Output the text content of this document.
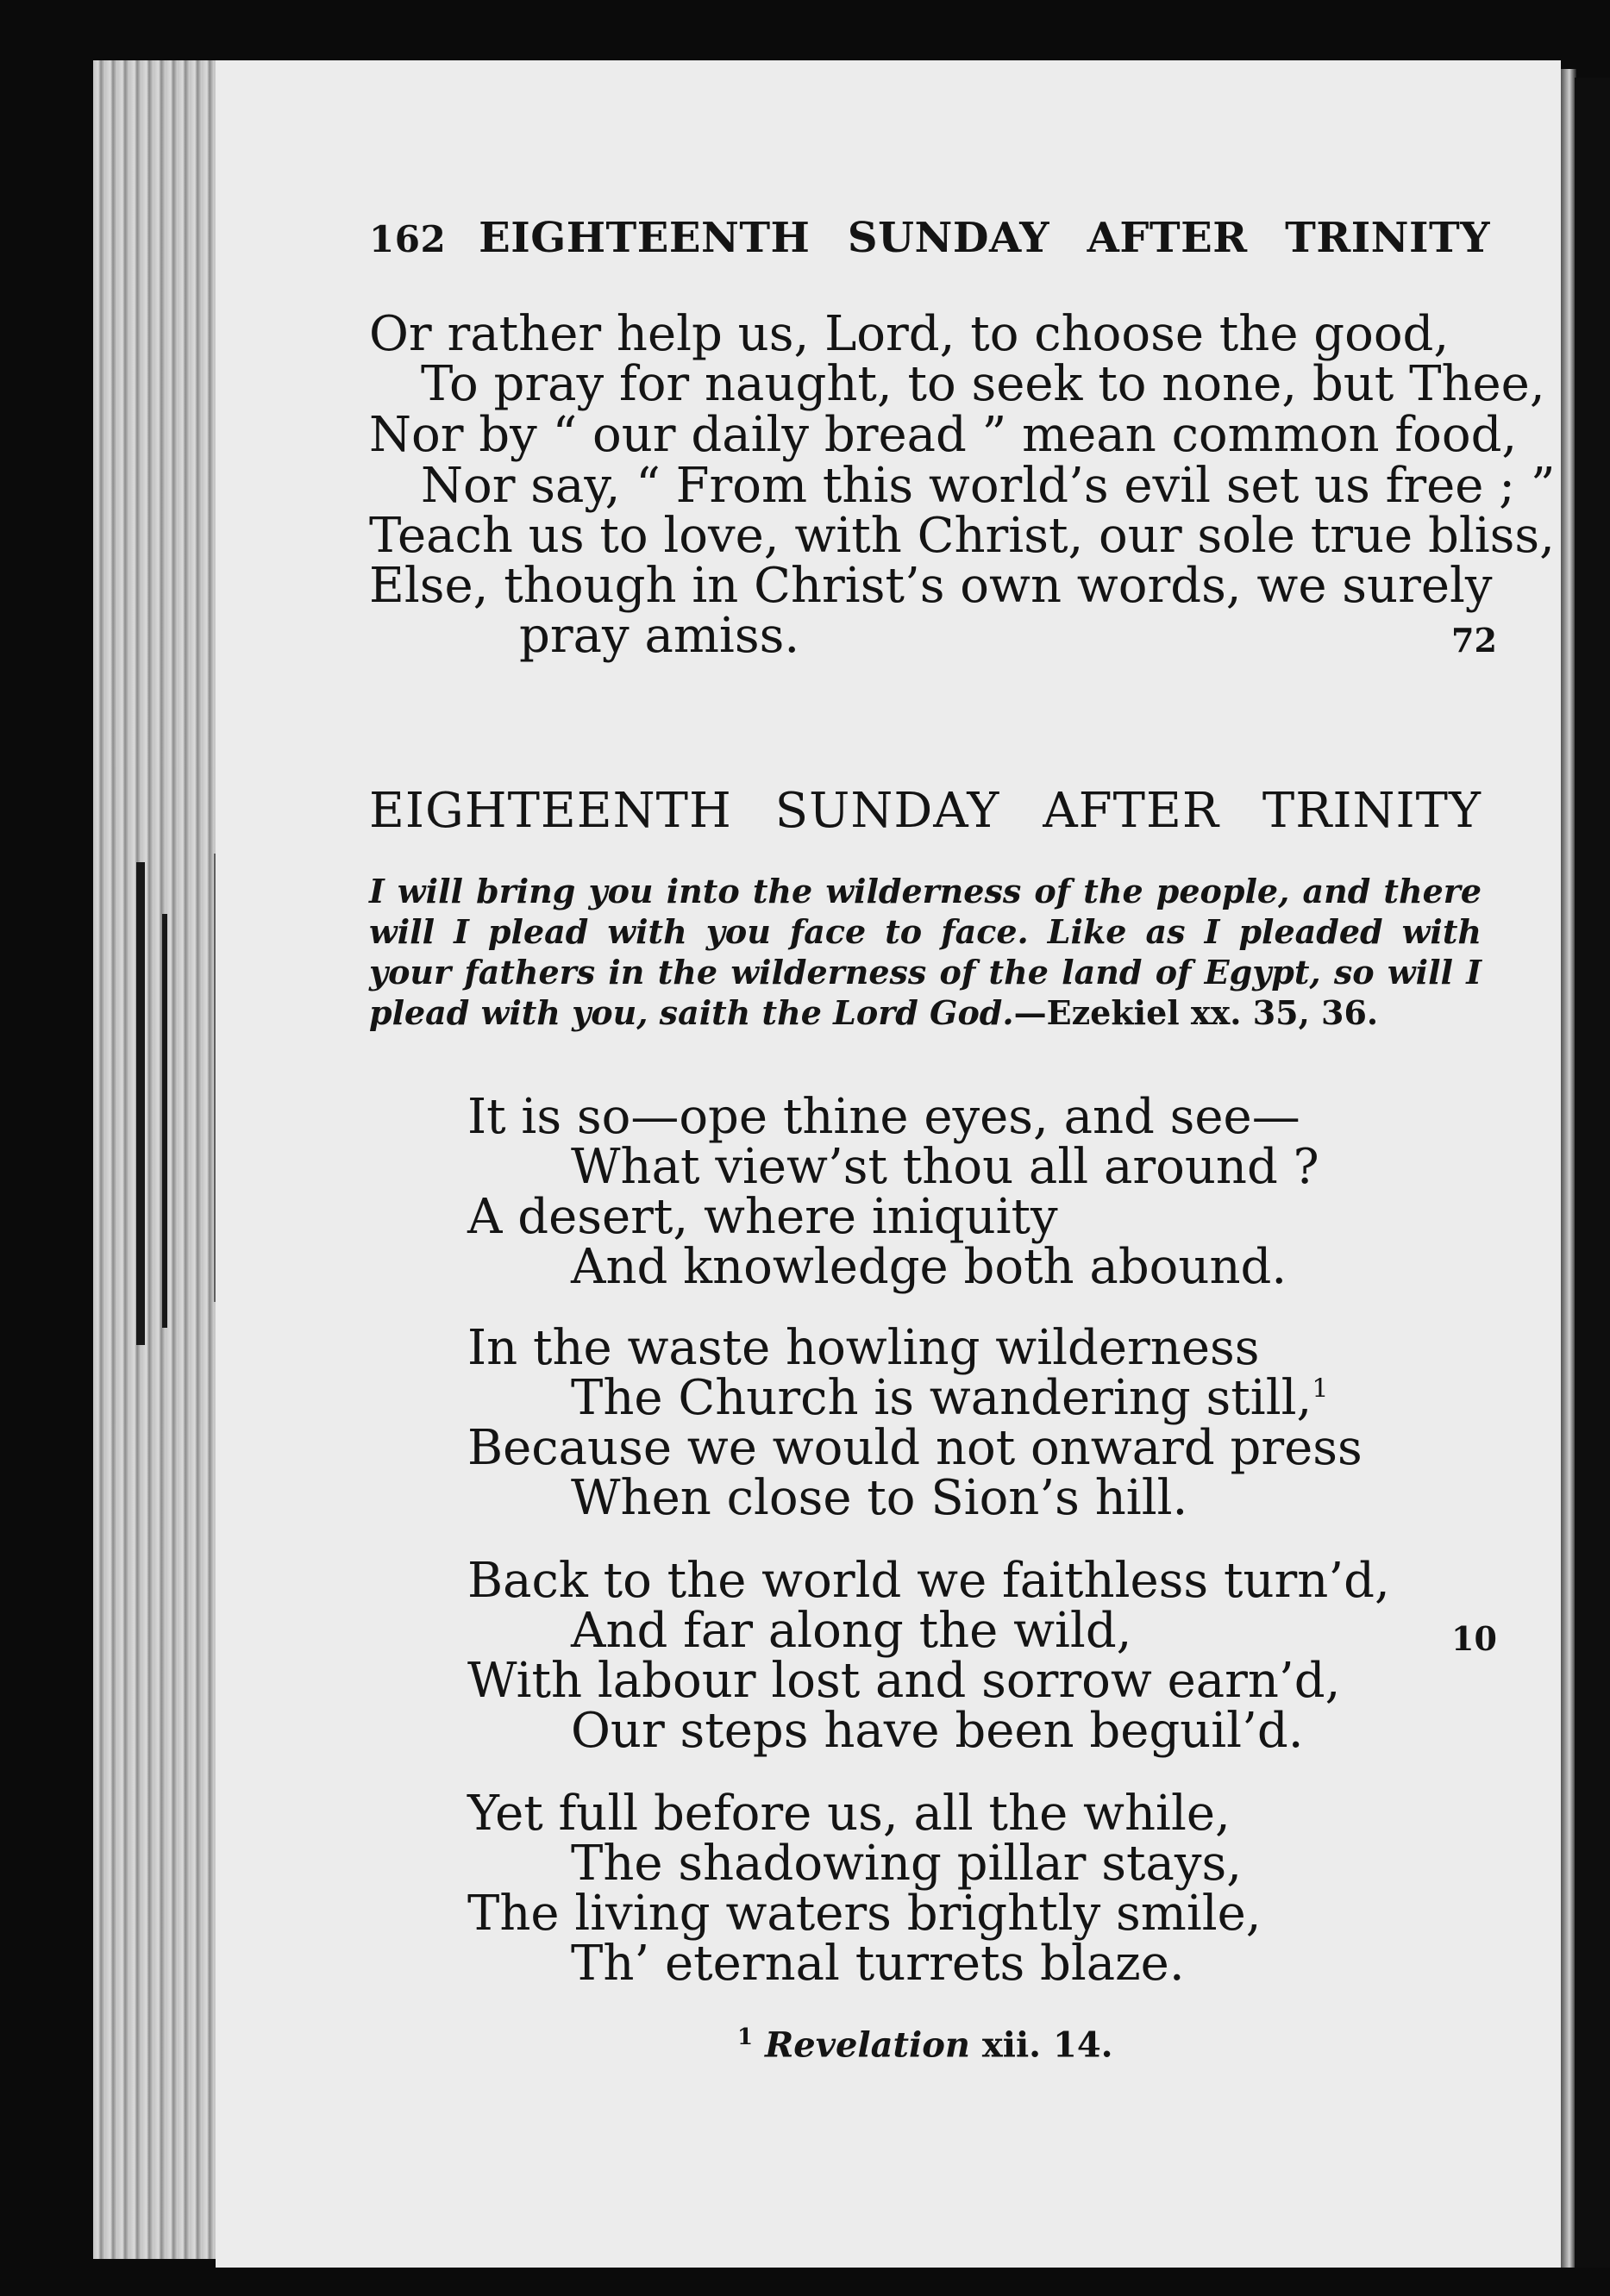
162 EIGHTEENTH SUNDAY AFTER TRINITY
Or rather help us, Lord, to choose the good,
To pray for naught, to seek to none, but Thee,
Nor by “ our daily bread ” mean common food,
Nor say, “ From this world’s evil set us free ; ”
Teach us to love, with Christ, our sole true bliss,
Else, though in Christ’s own words, we surely
pray amiss.	72
EIGHTEENTH SUNDAY AFTER TRINITY

I will bring you into the wilderness of the people, and there will I plead with you face to face. Like as I pleaded with your fathers in the wilderness of the land of Egypt, so will I plead with you, saith the Lord God.—Ezekiel xx. 35, 36.

It is so—ope thine eyes, and see—
What view’st thou all around ?
A desert, where iniquity
And knowledge both abound.
In the waste howling wilderness
The Church is wandering still,$^1$
Because we would not onward press
When close to Sion’s hill.
Back to the world we faithless turn’d,
And far along the wild,	10
With labour lost and sorrow earn’d,
Our steps have been beguil’d.
Yet full before us, all the while,
The shadowing pillar stays,
The living waters brightly smile,
Th’ eternal turrets blaze.
$^1$ Revelation xii. 14.
